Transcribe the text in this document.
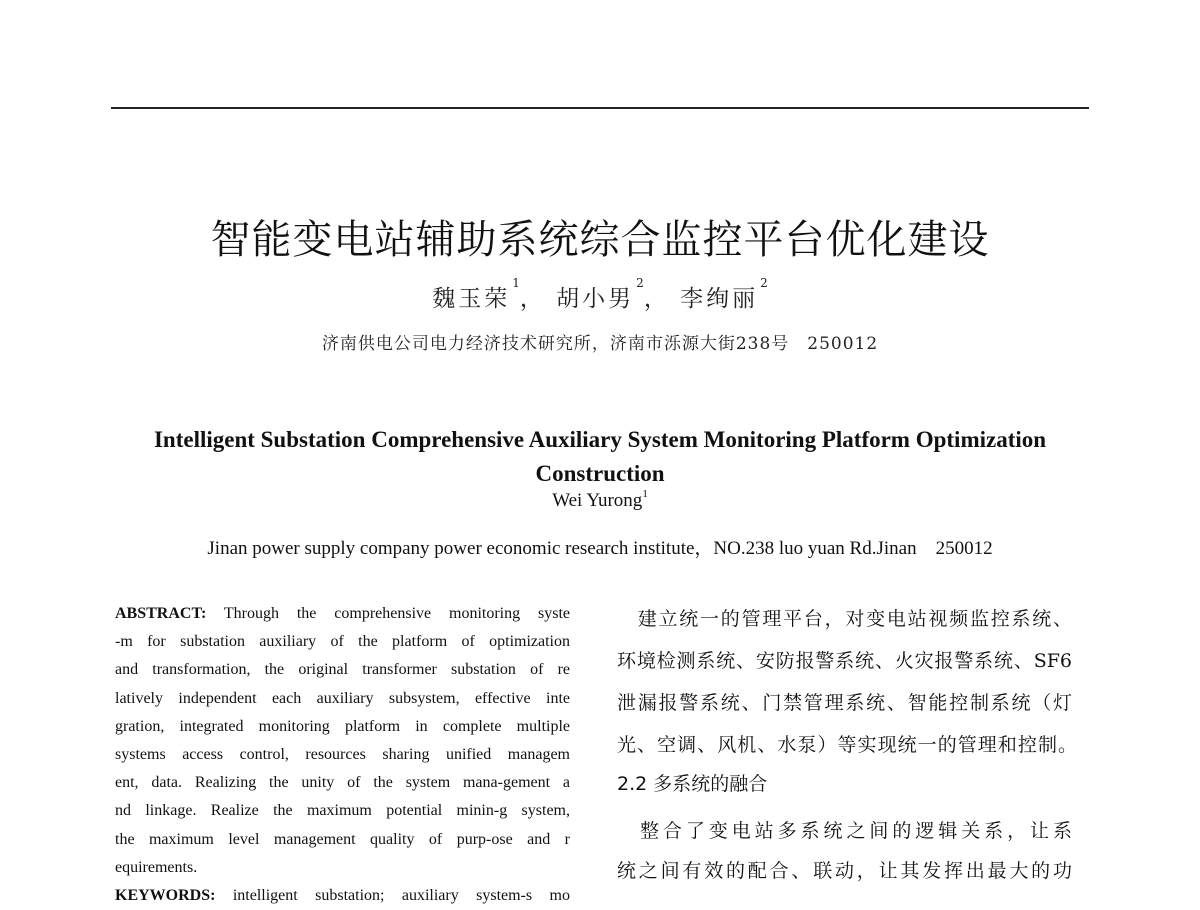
智能变电站辅助系统综合监控平台优化建设
魏玉荣$^1$， 胡小男$^2$， 李绚丽$^2$
济南供电公司电力经济技术研究所，济南市泺源大街238号　250012
Intelligent Substation Comprehensive Auxiliary System Monitoring Platform Optimization
Construction
Wei Yurong$^1$
Jinan power supply company power economic research institute，NO.238 luo yuan Rd.Jinan　250012
ABSTRACT: Through the comprehensive monitoring syste
-m for substation auxiliary of the platform of optimization
and transformation, the original transformer substation of re
latively independent each auxiliary subsystem, effective inte
gration, integrated monitoring platform in complete multiple
systems access control, resources sharing unified managem
ent, data. Realizing the unity of the system mana-gement a
nd linkage. Realize the maximum potential minin-g system,
the maximum level management quality of purp-ose and r
equirements.
KEYWORDS: intelligent substation; auxiliary system-s mo
　建立统一的管理平台，对变电站视频监控系统、
环境检测系统、安防报警系统、火灾报警系统、SF6
泄漏报警系统、门禁管理系统、智能控制系统（灯
光、空调、风机、水泵）等实现统一的管理和控制。
2.2 多系统的融合
　整合了变电站多系统之间的逻辑关系，让系
统之间有效的配合、联动，让其发挥出最大的功
